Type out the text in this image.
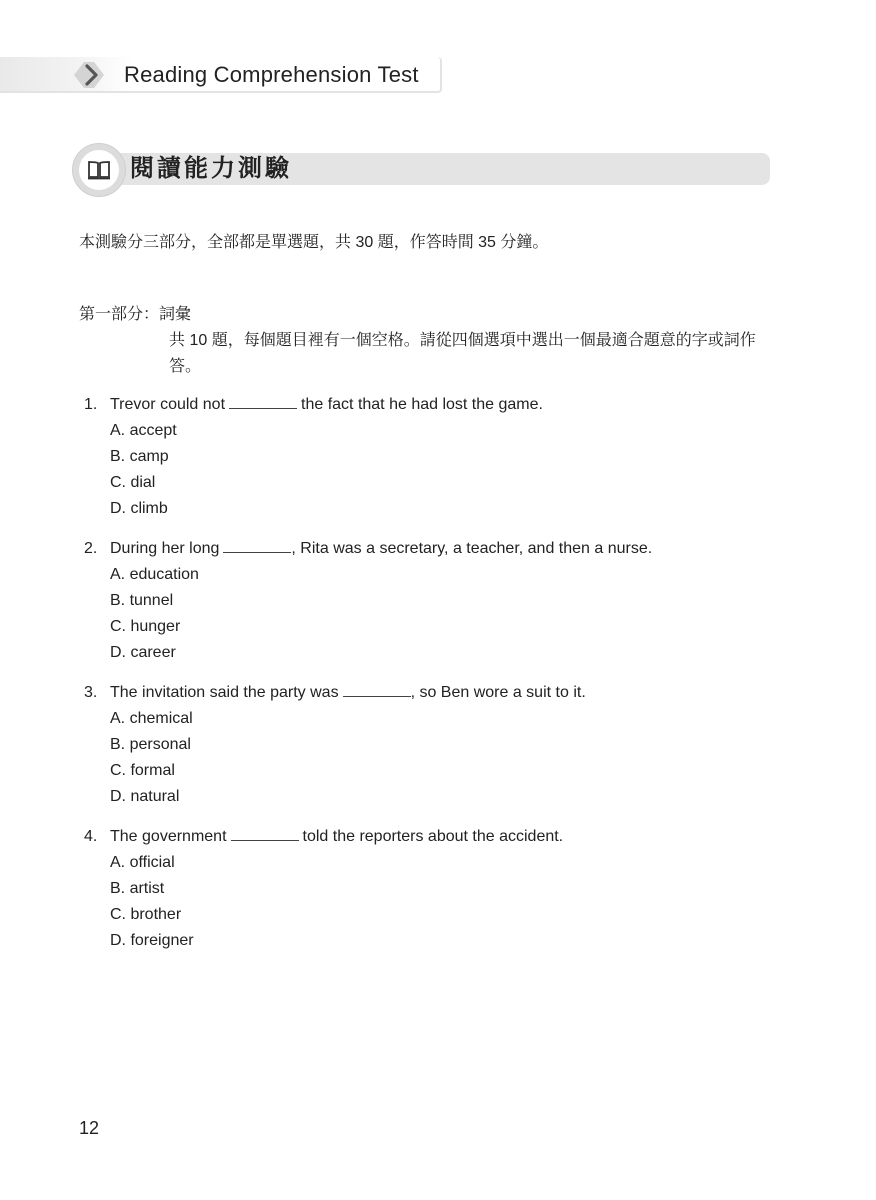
Reading Comprehension Test
閱讀能力測驗
本測驗分三部分，全部都是單選題，共 30 題，作答時間 35 分鐘。
第一部分：詞彙
共 10 題，每個題目裡有一個空格。請從四個選項中選出一個最適合題意的字或詞作答。
1. Trevor could not	the fact that he had lost the game.
A. accept
B. camp
C. dial
D. climb
2. During her long	, Rita was a secretary, a teacher, and then a nurse.
A. education
B. tunnel
C. hunger
D. career
3. The invitation said the party was	, so Ben wore a suit to it.
A. chemical
B. personal
C. formal
D. natural
4. The government	told the reporters about the accident.
A. official
B. artist
C. brother
D. foreigner
12
